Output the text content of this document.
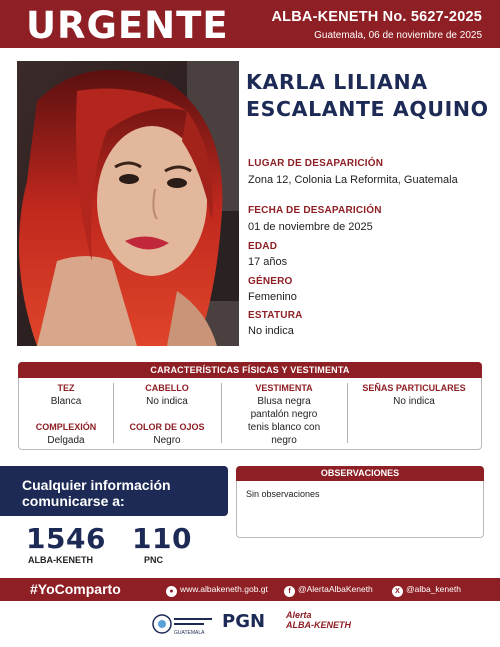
URGENTE	ALBA-KENETH No. 5627-2025
Guatemala, 06 de noviembre de 2025
KARLA LILIANA
ESCALANTE AQUINO
LUGAR DE DESAPARICIÓN
Zona 12, Colonia La Reformita, Guatemala
FECHA DE DESAPARICIÓN
01 de noviembre de 2025
EDAD
17 años
GÉNERO
Femenino
ESTATURA
No indica
CARACTERÍSTICAS FÍSICAS Y VESTIMENTA
TEZ
Blanca
COMPLEXIÓN
Delgada
CABELLO
No indica
COLOR DE OJOS
Negro
VESTIMENTA
Blusa negra
pantalón negro
tenis blanco con
negro
SEÑAS PARTICULARES
No indica
Cualquier información
comunicarse a:
1546
ALBA-KENETH
110
PNC
OBSERVACIONES
Sin observaciones
#YoComparto	● www.albakeneth.gob.gt	f @AlertaAlbaKeneth	X @alba_keneth
GUATEMALA
PGN Alerta
ALBA-KENETH
